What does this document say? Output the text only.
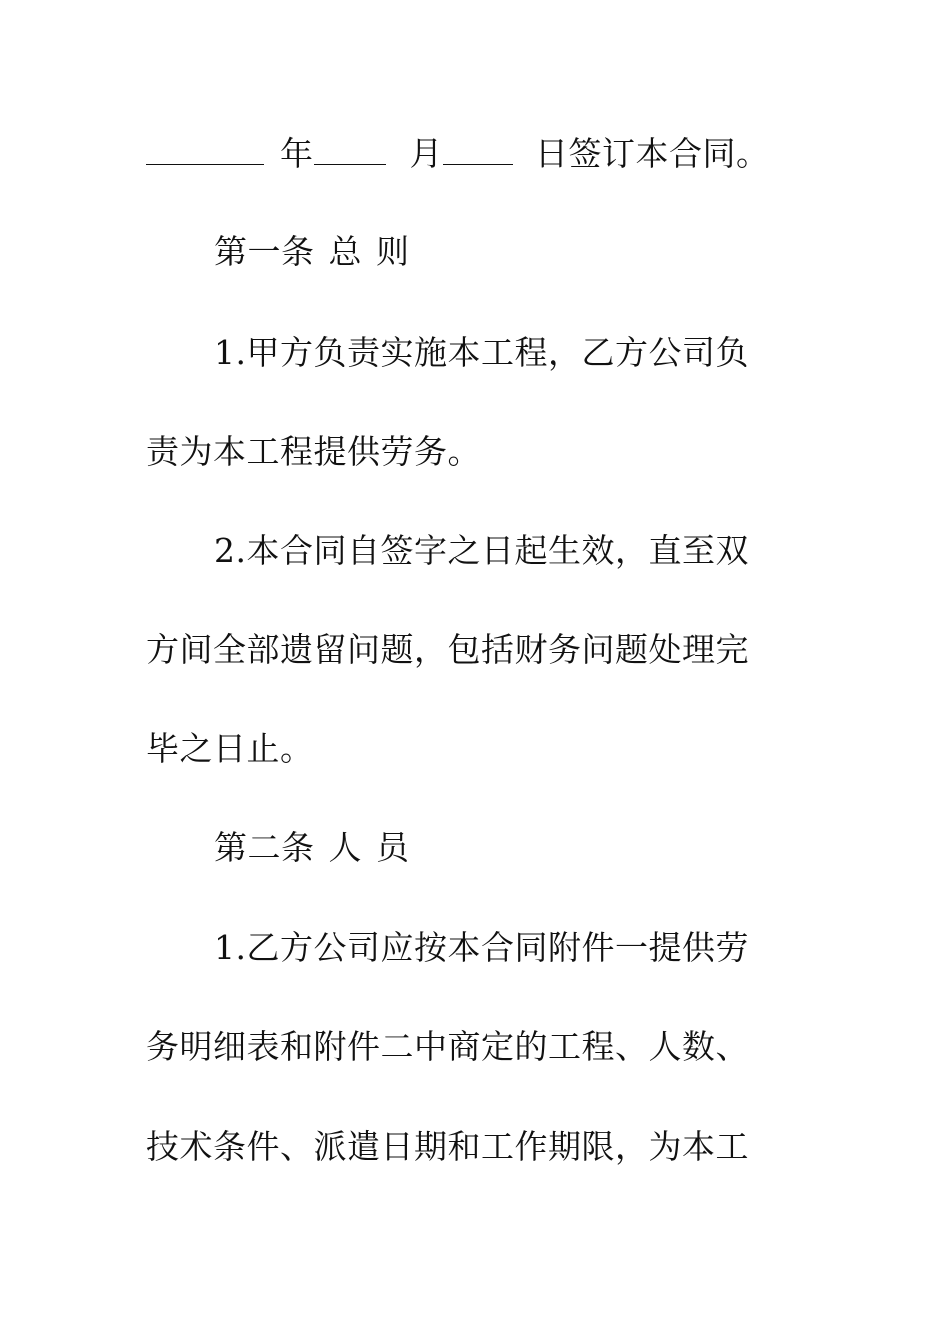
年	月	日签订本合同。
第一条 总 则
1.甲方负责实施本工程，乙方公司负
责为本工程提供劳务。
2.本合同自签字之日起生效，直至双
方间全部遗留问题，包括财务问题处理完
毕之日止。
第二条 人 员
1.乙方公司应按本合同附件一提供劳
务明细表和附件二中商定的工程、人数、
技术条件、派遣日期和工作期限，为本工
